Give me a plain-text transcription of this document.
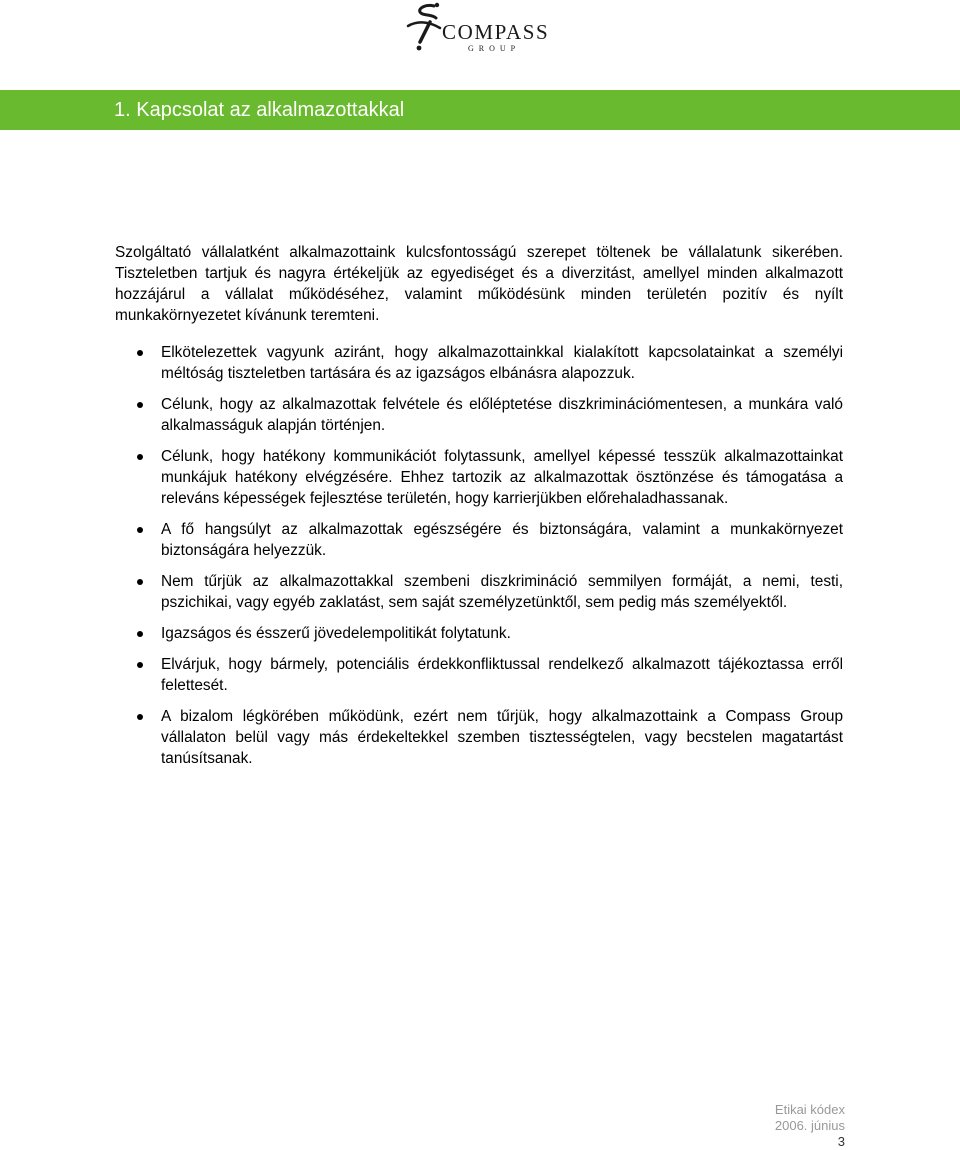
COMPASS
GROUP
1. Kapcsolat az alkalmazottakkal

Szolgáltató vállalatként alkalmazottaink kulcsfontosságú szerepet töltenek be vállalatunk sikerében. Tiszteletben tartjuk és nagyra értékeljük az egyediséget és a diverzitást, amellyel minden alkalmazott hozzájárul a vállalat működéséhez, valamint működésünk minden területén pozitív és nyílt munkakörnyezetet kívánunk teremteni.

Elkötelezettek vagyunk aziránt, hogy alkalmazottainkkal kialakított kapcsolatainkat a személyi méltóság tiszteletben tartására és az igazságos elbánásra alapozzuk.
Célunk, hogy az alkalmazottak felvétele és előléptetése diszkriminációmentesen, a munkára való alkalmasságuk alapján történjen.
Célunk, hogy hatékony kommunikációt folytassunk, amellyel képessé tesszük alkalmazottainkat munkájuk hatékony elvégzésére. Ehhez tartozik az alkalmazottak ösztönzése és támogatása a releváns képességek fejlesztése területén, hogy karrierjükben előrehaladhassanak.
A fő hangsúlyt az alkalmazottak egészségére és biztonságára, valamint a munkakörnyezet biztonságára helyezzük.
Nem tűrjük az alkalmazottakkal szembeni diszkrimináció semmilyen formáját, a nemi, testi, pszichikai, vagy egyéb zaklatást, sem saját személyzetünktől, sem pedig más személyektől.
Igazságos és ésszerű jövedelempolitikát folytatunk.
Elvárjuk, hogy bármely, potenciális érdekkonfliktussal rendelkező alkalmazott tájékoztassa erről felettesét.
A bizalom légkörében működünk, ezért nem tűrjük, hogy alkalmazottaink a Compass Group vállalaton belül vagy más érdekeltekkel szemben tisztességtelen, vagy becstelen magatartást tanúsítsanak.
Etikai kódex
2006. június
3
